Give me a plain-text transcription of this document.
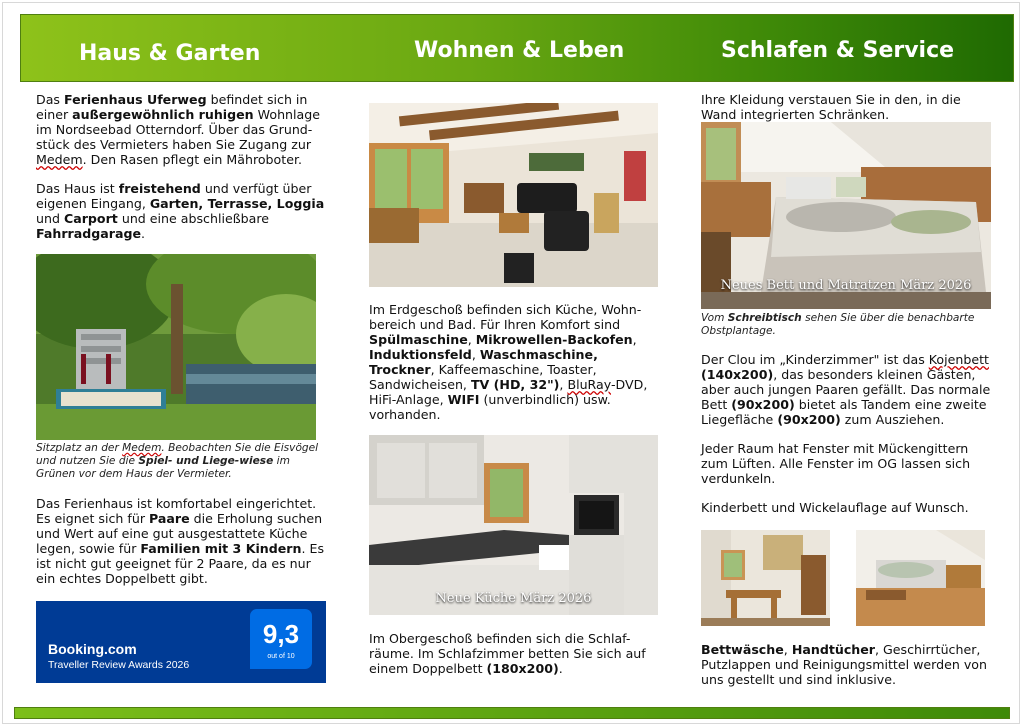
Haus & Garten	Wohnen & Leben	Schlafen & Service
Das Ferienhaus Uferweg befindet sich in einer außergewöhnlich ruhigen Wohnlage im Nordseebad Otterndorf. Über das Grund-stück des Vermieters haben Sie Zugang zur Medem. Den Rasen pflegt ein Mähroboter.
Das Haus ist freistehend und verfügt über eigenen Eingang, Garten, Terrasse, Loggia und Carport und eine abschließbare Fahrradgarage.
Sitzplatz an der Medem. Beobachten Sie die Eisvögel und nutzen Sie die Spiel- und Liege-wiese im Grünen vor dem Haus der Vermieter.
Das Ferienhaus ist komfortabel eingerichtet. Es eignet sich für Paare die Erholung suchen und Wert auf eine gut ausgestattete Küche legen, sowie für Familien mit 3 Kindern. Es ist nicht gut geeignet für 2 Paare, da es nur ein echtes Doppelbett gibt.
Booking.com
Traveller Review Awards 2026
9,3
out of 10
Im Erdgeschoß befinden sich Küche, Wohn-bereich und Bad. Für Ihren Komfort sind Spülmaschine, Mikrowellen-Backofen, Induktionsfeld, Waschmaschine, Trockner, Kaffeemaschine, Toaster, Sandwicheisen, TV (HD, 32"), BluRay-DVD, HiFi-Anlage, WIFI (unverbindlich) usw. vorhanden.
Neue Küche März 2026
Im Obergeschoß befinden sich die Schlaf-räume. Im Schlafzimmer betten Sie sich auf einem Doppelbett (180x200).
Ihre Kleidung verstauen Sie in den, in die Wand integrierten Schränken.
Neues Bett und Matratzen März 2026
Vom Schreibtisch sehen Sie über die benachbarte Obstplantage.
Der Clou im „Kinderzimmer" ist das Kojenbett (140x200), das besonders kleinen Gästen, aber auch jungen Paaren gefällt. Das normale Bett (90x200) bietet als Tandem eine zweite Liegefläche (90x200) zum Ausziehen.
Jeder Raum hat Fenster mit Mückengittern zum Lüften. Alle Fenster im OG lassen sich verdunkeln.
Kinderbett und Wickelauflage auf Wunsch.
Bettwäsche, Handtücher, Geschirrtücher, Putzlappen und Reinigungsmittel werden von uns gestellt und sind inklusive.
